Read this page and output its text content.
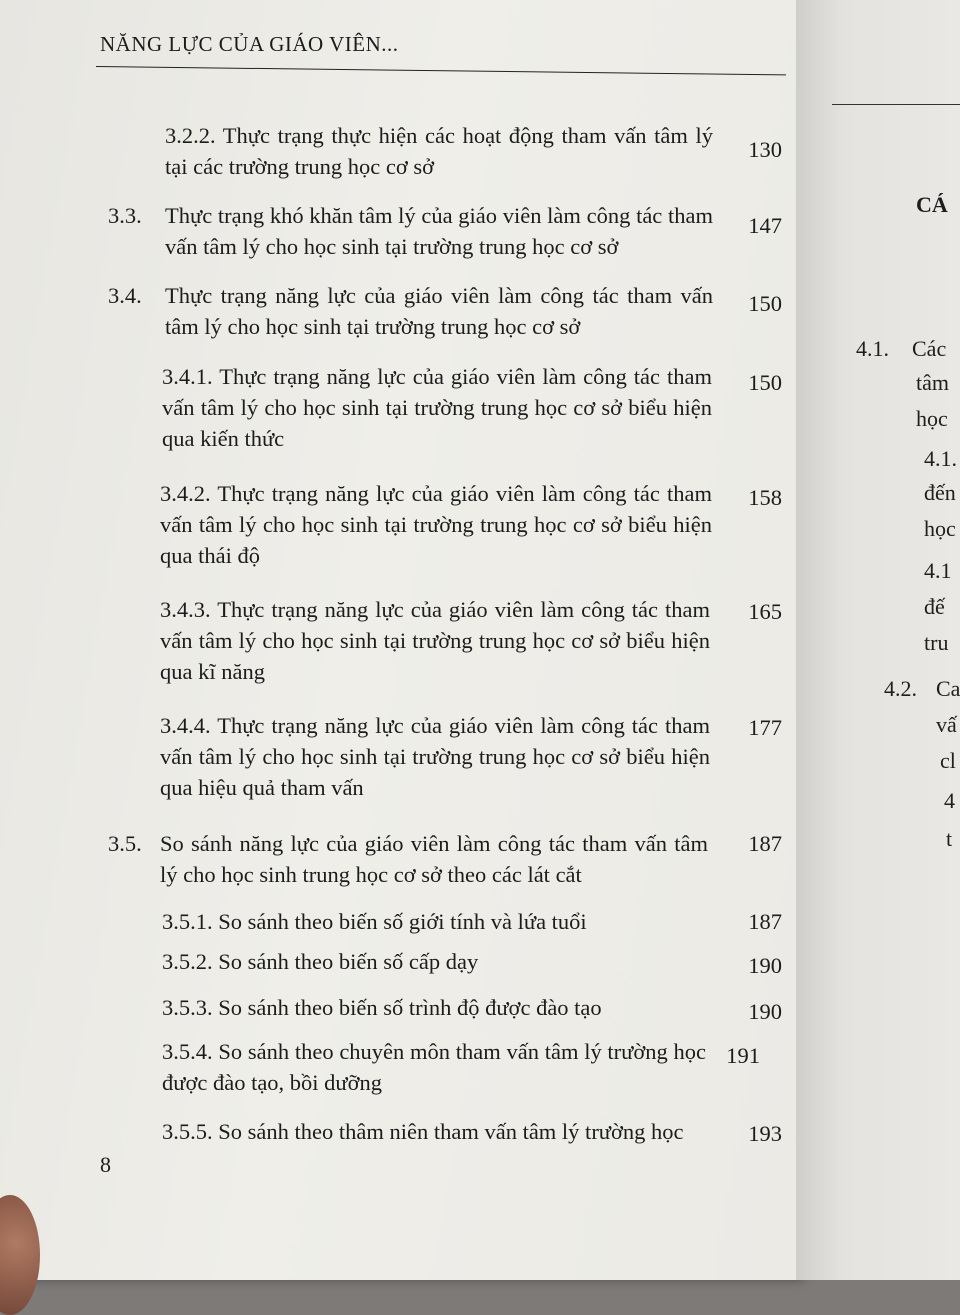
CÁ
4.1. Các
tâm
học
4.1.
đến
học
4.1
đế
tru
4.2. Ca
vấ
cl
4
t
NĂNG LỰC CỦA GIÁO VIÊN...
3.2.2. Thực trạng thực hiện các hoạt động tham vấn tâm lý tại các trường trung học cơ sở
130
3.3. Thực trạng khó khăn tâm lý của giáo viên làm công tác tham vấn tâm lý cho học sinh tại trường trung học cơ sở
147
3.4. Thực trạng năng lực của giáo viên làm công tác tham vấn tâm lý cho học sinh tại trường trung học cơ sở
150
3.4.1. Thực trạng năng lực của giáo viên làm công tác tham vấn tâm lý cho học sinh tại trường trung học cơ sở biểu hiện qua kiến thức
150
3.4.2. Thực trạng năng lực của giáo viên làm công tác tham vấn tâm lý cho học sinh tại trường trung học cơ sở biểu hiện qua thái độ
158
3.4.3. Thực trạng năng lực của giáo viên làm công tác tham vấn tâm lý cho học sinh tại trường trung học cơ sở biểu hiện qua kĩ năng
165
3.4.4. Thực trạng năng lực của giáo viên làm công tác tham vấn tâm lý cho học sinh tại trường trung học cơ sở biểu hiện qua hiệu quả tham vấn
177
3.5. So sánh năng lực của giáo viên làm công tác tham vấn tâm lý cho học sinh trung học cơ sở theo các lát cắt
187
3.5.1. So sánh theo biến số giới tính và lứa tuổi	187
3.5.2. So sánh theo biến số cấp dạy	190
3.5.3. So sánh theo biến số trình độ được đào tạo	190
3.5.4. So sánh theo chuyên môn tham vấn tâm lý trường học được đào tạo, bồi dưỡng
191
3.5.5. So sánh theo thâm niên tham vấn tâm lý trường học	193
8
